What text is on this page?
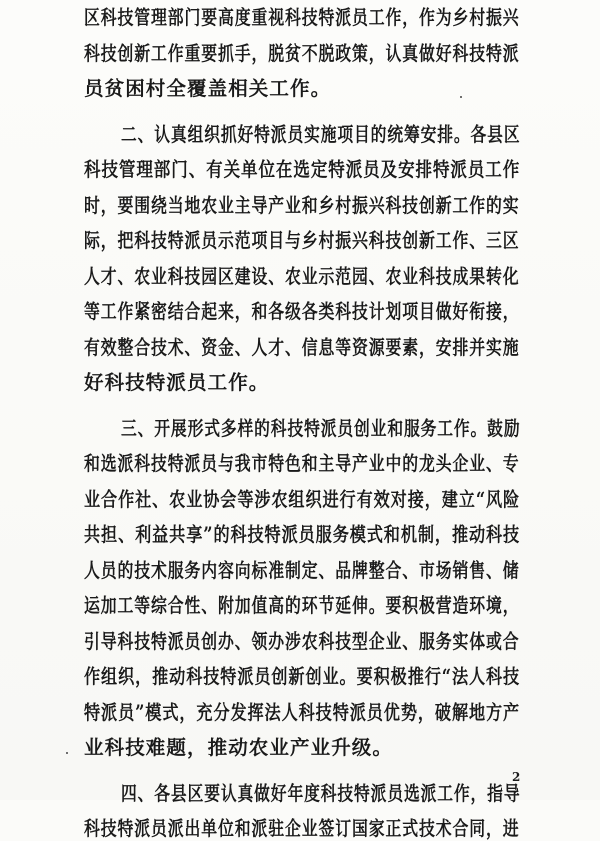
区科技管理部门要高度重视科技特派员工作，作为乡村振兴
科技创新工作重要抓手，脱贫不脱政策，认真做好科技特派
员贫困村全覆盖相关工作。
二、认真组织抓好特派员实施项目的统筹安排。各县区
科技管理部门、有关单位在选定特派员及安排特派员工作
时，要围绕当地农业主导产业和乡村振兴科技创新工作的实
际，把科技特派员示范项目与乡村振兴科技创新工作、三区
人才、农业科技园区建设、农业示范园、农业科技成果转化
等工作紧密结合起来，和各级各类科技计划项目做好衔接，
有效整合技术、资金、人才、信息等资源要素，安排并实施
好科技特派员工作。
三、开展形式多样的科技特派员创业和服务工作。鼓励
和选派科技特派员与我市特色和主导产业中的龙头企业、专
业合作社、农业协会等涉农组织进行有效对接，建立“风险
共担、利益共享”的科技特派员服务模式和机制，推动科技
人员的技术服务内容向标准制定、品牌整合、市场销售、储
运加工等综合性、附加值高的环节延伸。要积极营造环境，
引导科技特派员创办、领办涉农科技型企业、服务实体或合
作组织，推动科技特派员创新创业。要积极推行“法人科技
特派员”模式，充分发挥法人科技特派员优势，破解地方产
业科技难题，推动农业产业升级。
四、各县区要认真做好年度科技特派员选派工作，指导
科技特派员派出单位和派驻企业签订国家正式技术合同，进
2
